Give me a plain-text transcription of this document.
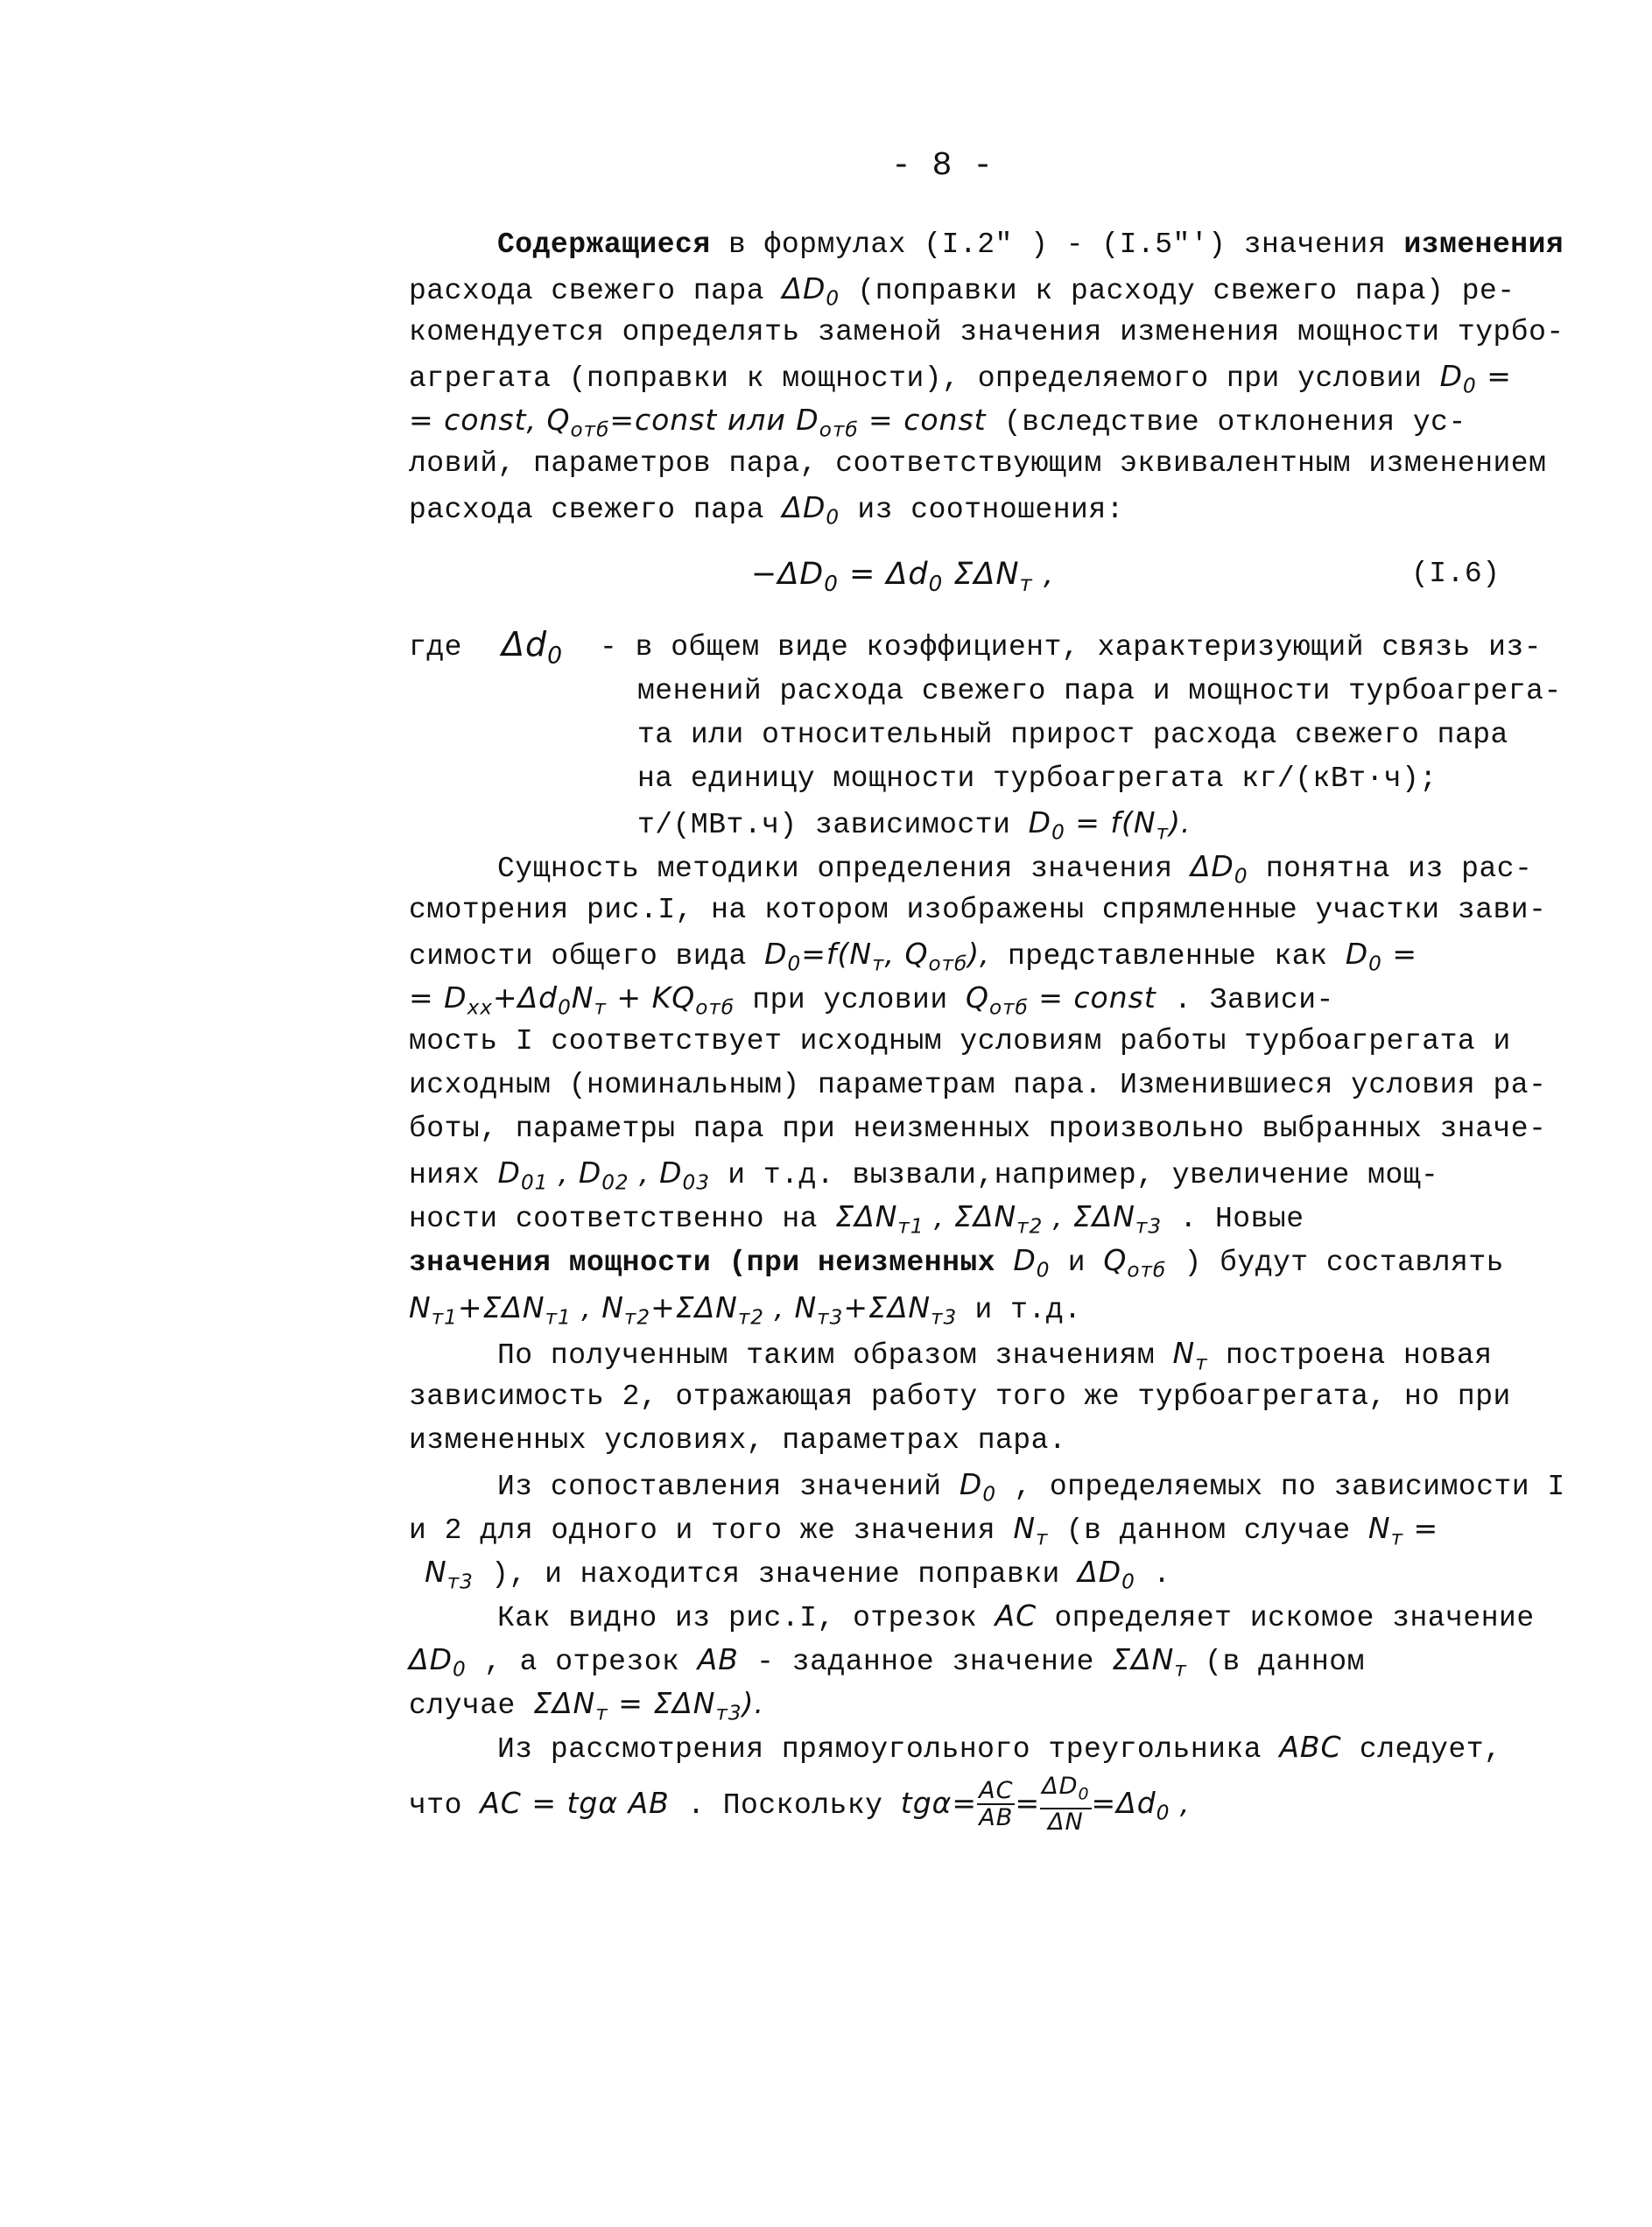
- 8 -
Содержащиеся в формулах (I.2" ) - (I.5"') значения изменения
расхода свежего пара $\Delta D_0$ (поправки к расходу свежего пара) ре-
комендуется определять заменой значения изменения мощности турбо-
агрегата (поправки к мощности), определяемого при условии $D_0$ =
= const, $Q_{отб}=const$ или $D_{отб}$ = const (вследствие отклонения ус-
ловий, параметров пара, соответствующим эквивалентным изменением
расхода свежего пара $\Delta D_0$ из соотношения:
$-\Delta D_0 = \Delta d_0$ $\Sigma\Delta N_т$ ,	(I.6)
где $\Delta d_0$ - в общем виде коэффициент, характеризующий связь из-
менений расхода свежего пара и мощности турбоагрега-
та или относительный прирост расхода свежего пара
на единицу мощности турбоагрегата кг/(кВт·ч);
т/(МВт.ч) зависимости $D_0 = f(N_т)$.
Сущность методики определения значения $\Delta D_0$ понятна из рас-
смотрения рис.I, на котором изображены спрямленные участки зави-
симости общего вида $D_0=f(N_т$, $Q_{отб}$), представленные как $D_0$ =
= $D_{хх}+\Delta d_0N_т + KQ_{отб}$ при условии $Q_{отб}$ = const . Зависи-
мость I соответствует исходным условиям работы турбоагрегата и
исходным (номинальным) параметрам пара. Изменившиеся условия ра-
боты, параметры пара при неизменных произвольно выбранных значе-
ниях $D_{01}$ , $D_{02}$ , $D_{03}$ и т.д. вызвали,например, увеличение мощ-
ности соответственно на $\Sigma\Delta N_{т1}$ , $\Sigma\Delta N_{т2}$ , $\Sigma\Delta N_{т3}$ . Новые
значения мощности (при неизменных $D_0$ и $Q_{отб}$ ) будут составлять
$N_{т1}+\Sigma\Delta N_{т1}$ , $N_{т2}+\Sigma\Delta N_{т2}$ , $N_{т3}+\Sigma\Delta N_{т3}$ и т.д.
По полученным таким образом значениям $N_т$ построена новая
зависимость 2, отражающая работу того же турбоагрегата, но при
измененных условиях, параметрах пара.
Из сопоставления значений $D_0$ , определяемых по зависимости I
и 2 для одного и того же значения $N_т$ (в данном случае $N_т$ =
$N_{т3}$ ), и находится значение поправки $\Delta D_0$ .
Как видно из рис.I, отрезок AC определяет искомое значение
$\Delta D_0$ , а отрезок AB - заданное значение $\Sigma\Delta N_т$ (в данном
случае $\Sigma\Delta N_т = \Sigma\Delta N_{т3}$).
Из рассмотрения прямоугольного треугольника ABC следует,
что AC = tgα AB . Поскольку $tg\alpha= \frac{AC}{AB} = \frac{\Delta D_0}{\Delta N} =\Delta d_0$ ,
